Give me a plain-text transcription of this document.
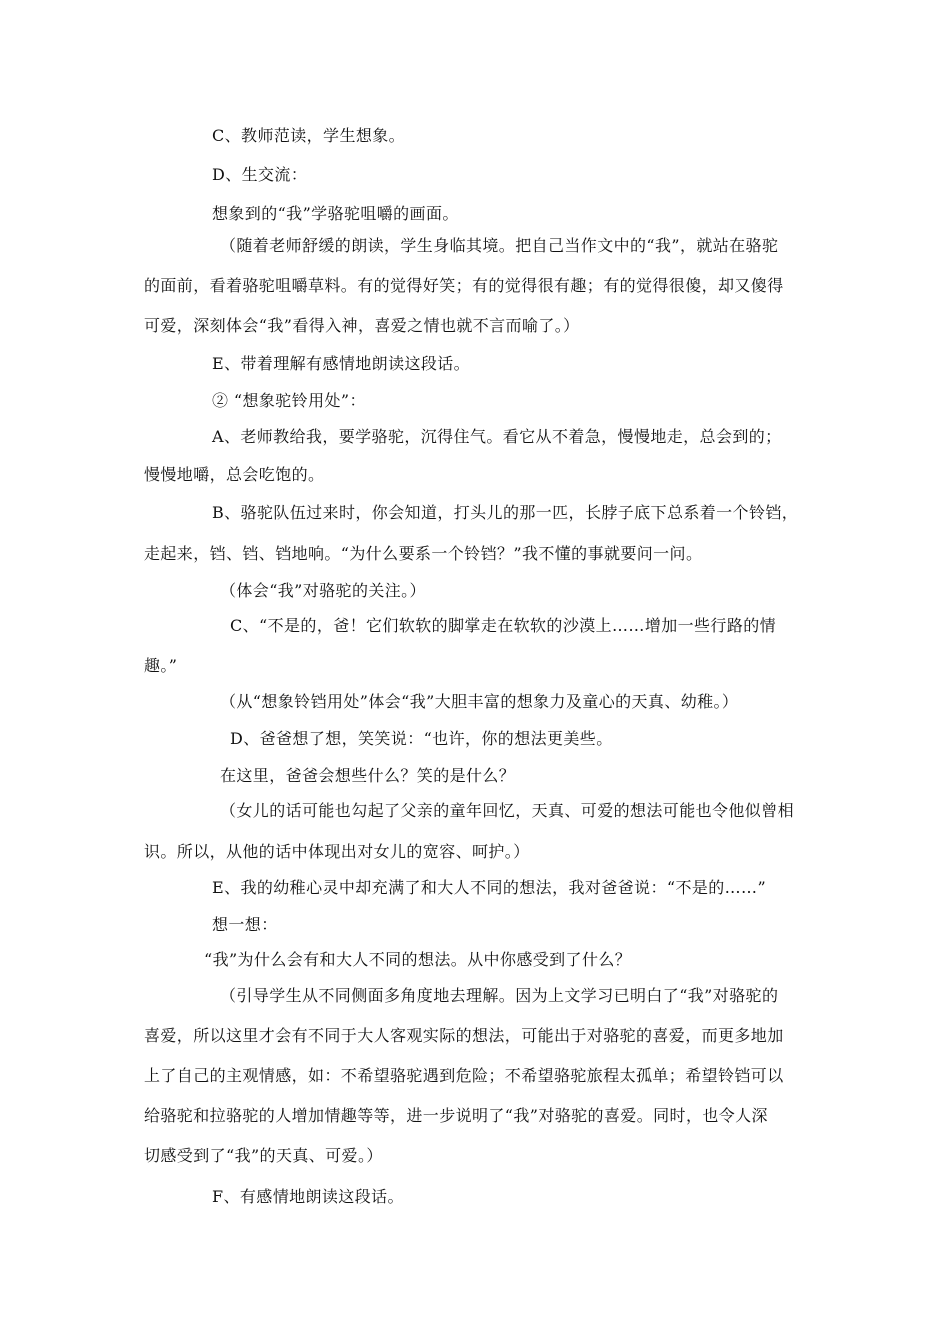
C、教师范读，学生想象。
D、生交流：
想象到的“我”学骆驼咀嚼的画面。
（随着老师舒缓的朗读，学生身临其境。把自己当作文中的“我”，就站在骆驼
的面前，看着骆驼咀嚼草料。有的觉得好笑；有的觉得很有趣；有的觉得很傻，却又傻得
可爱，深刻体会“我”看得入神，喜爱之情也就不言而喻了。）
E、带着理解有感情地朗读这段话。
② “想象驼铃用处”：
A、老师教给我，要学骆驼，沉得住气。看它从不着急，慢慢地走，总会到的；
慢慢地嚼，总会吃饱的。
B、骆驼队伍过来时，你会知道，打头儿的那一匹，长脖子底下总系着一个铃铛，
走起来，铛、铛、铛地响。“为什么要系一个铃铛？”我不懂的事就要问一问。
（体会“我”对骆驼的关注。）
C、“不是的，爸！它们软软的脚掌走在软软的沙漠上……增加一些行路的情
趣。”
（从“想象铃铛用处”体会“我”大胆丰富的想象力及童心的天真、幼稚。）
D、爸爸想了想，笑笑说：“也许，你的想法更美些。
在这里，爸爸会想些什么？笑的是什么？
（女儿的话可能也勾起了父亲的童年回忆，天真、可爱的想法可能也令他似曾相
识。所以，从他的话中体现出对女儿的宽容、呵护。）
E、我的幼稚心灵中却充满了和大人不同的想法，我对爸爸说：“不是的……”
想一想：
“我”为什么会有和大人不同的想法。从中你感受到了什么？
（引导学生从不同侧面多角度地去理解。因为上文学习已明白了“我”对骆驼的
喜爱，所以这里才会有不同于大人客观实际的想法，可能出于对骆驼的喜爱，而更多地加
上了自己的主观情感，如：不希望骆驼遇到危险；不希望骆驼旅程太孤单；希望铃铛可以
给骆驼和拉骆驼的人增加情趣等等，进一步说明了“我”对骆驼的喜爱。同时，也令人深
切感受到了“我”的天真、可爱。）
F、有感情地朗读这段话。
